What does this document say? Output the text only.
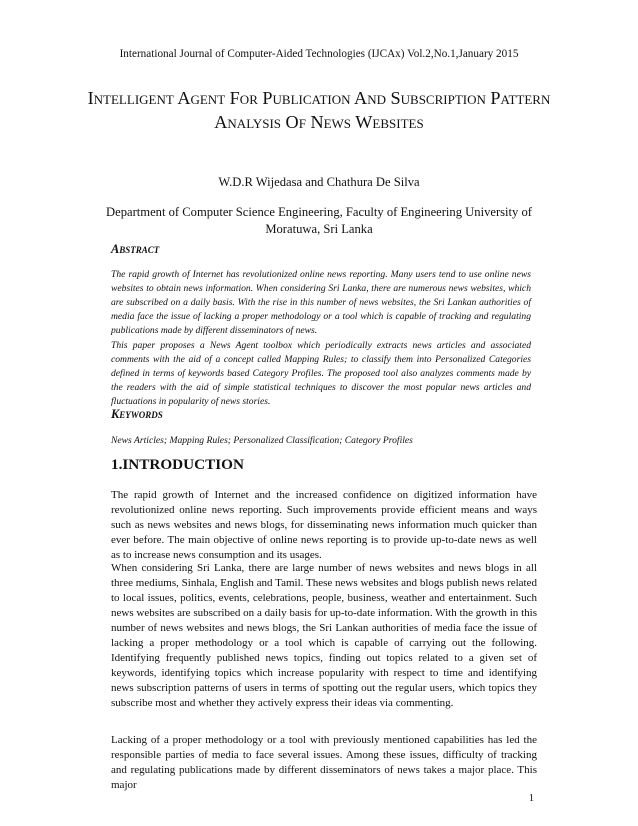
International Journal of Computer-Aided Technologies (IJCAx) Vol.2,No.1,January 2015
Intelligent Agent For Publication And Subscription Pattern Analysis Of News Websites
W.D.R Wijedasa and Chathura De Silva
Department of Computer Science Engineering, Faculty of Engineering University of Moratuwa, Sri Lanka
Abstract

The rapid growth of Internet has revolutionized online news reporting. Many users tend to use online news websites to obtain news information. When considering Sri Lanka, there are numerous news websites, which are subscribed on a daily basis. With the rise in this number of news websites, the Sri Lankan authorities of media face the issue of lacking a proper methodology or a tool which is capable of tracking and regulating publications made by different disseminators of news.

This paper proposes a News Agent toolbox which periodically extracts news articles and associated comments with the aid of a concept called Mapping Rules; to classify them into Personalized Categories defined in terms of keywords based Category Profiles. The proposed tool also analyzes comments made by the readers with the aid of simple statistical techniques to discover the most popular news articles and fluctuations in popularity of news stories.

Keywords

News Articles; Mapping Rules; Personalized Classification; Category Profiles

1.INTRODUCTION

The rapid growth of Internet and the increased confidence on digitized information have revolutionized online news reporting. Such improvements provide efficient means and ways such as news websites and news blogs, for disseminating news information much quicker than ever before. The main objective of online news reporting is to provide up-to-date news as well as to increase news consumption and its usages.

When considering Sri Lanka, there are large number of news websites and news blogs in all three mediums, Sinhala, English and Tamil. These news websites and blogs publish news related to local issues, politics, events, celebrations, people, business, weather and entertainment. Such news websites are subscribed on a daily basis for up-to-date information. With the growth in this number of news websites and news blogs, the Sri Lankan authorities of media face the issue of lacking a proper methodology or a tool which is capable of carrying out the following. Identifying frequently published news topics, finding out topics related to a given set of keywords, identifying topics which increase popularity with respect to time and identifying news subscription patterns of users in terms of spotting out the regular users, which topics they subscribe most and whether they actively express their ideas via commenting.

Lacking of a proper methodology or a tool with previously mentioned capabilities has led the responsible parties of media to face several issues. Among these issues, difficulty of tracking and regulating publications made by different disseminators of news takes a major place. This major

1
